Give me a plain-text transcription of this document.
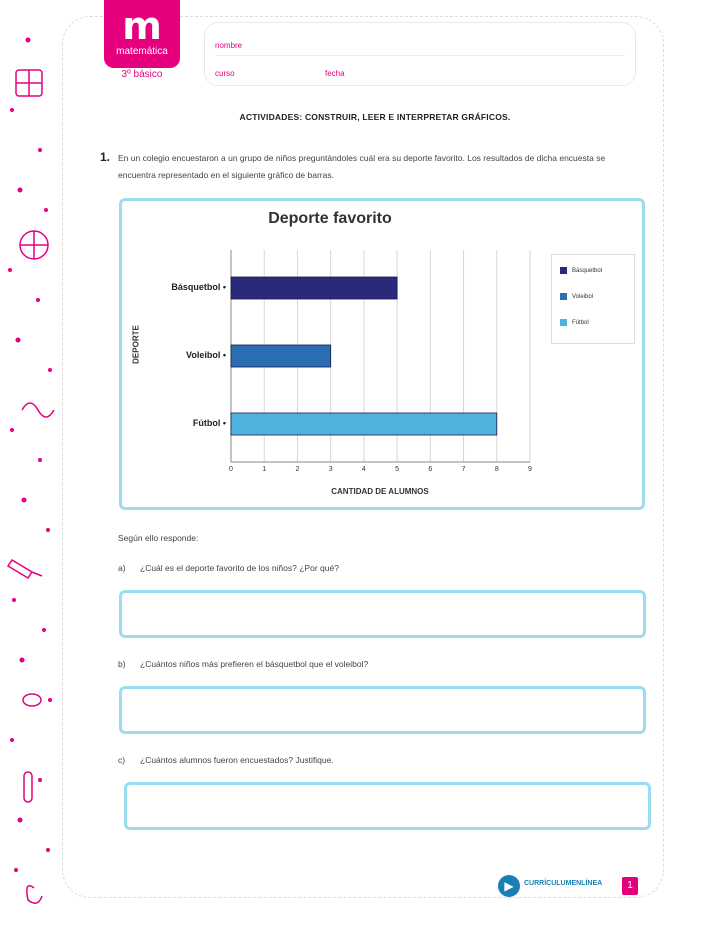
m
matemática
3º básico
nombre
curso	fecha
ACTIVIDADES: CONSTRUIR, LEER E INTERPRETAR GRÁFICOS.
1. En un colegio encuestaron a un grupo de niños preguntándoles cuál era su deporte favorito. Los resultados de dicha encuesta se encuentra representado en el siguiente gráfico de barras.
Deporte favorito
Básquetbol •
Voleibol •
Fútbol •
0	1	2	3	4	5	6	7	8	9
DEPORTE
CANTIDAD DE ALUMNOS
Básquetbol
Voleibol
Fútbol
Según ello responde:
a) ¿Cuál es el deporte favorito de los niños? ¿Por qué?
b) ¿Cuántos niños más prefieren el básquetbol que el voleibol?
c) ¿Cuántos alumnos fueron encuestados? Justifique.
▶	CURRÍCULUMENLÍNEA	1
